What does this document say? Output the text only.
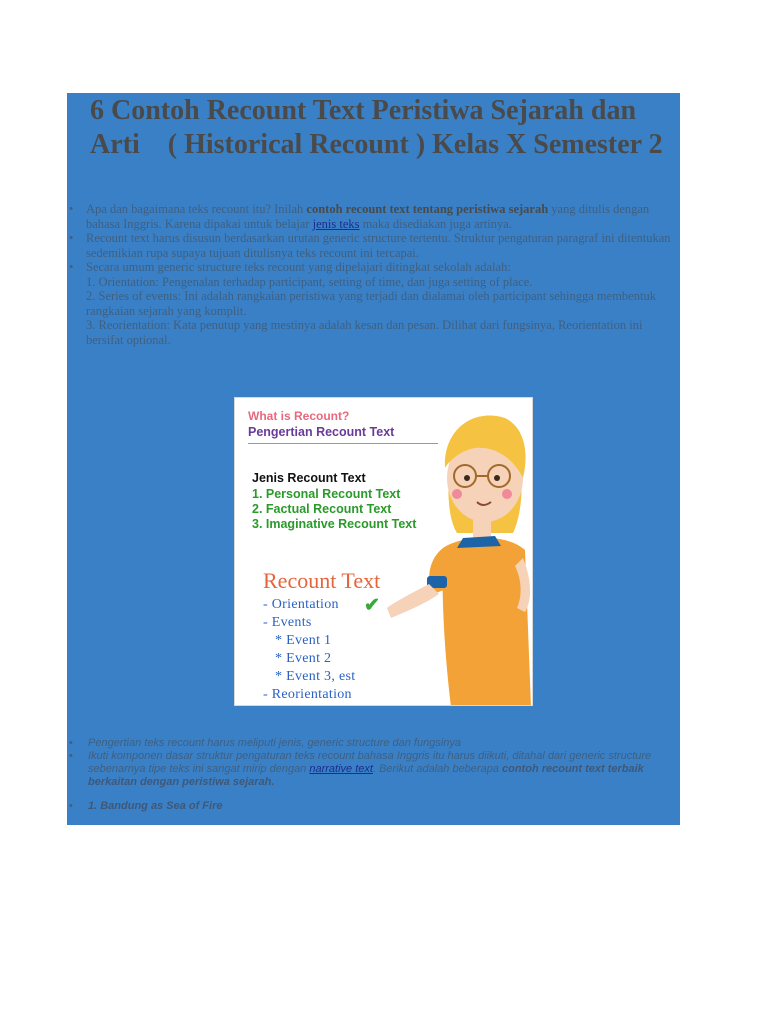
6 Contoh Recount Text Peristiwa Sejarah dan Arti    ( Historical Recount ) Kelas X Semester 2
• Apa dan bagaimana teks recount itu? Inilah contoh recount text tentang peristiwa sejarah yang ditulis dengan bahasa Inggris. Karena dipakai untuk belajar jenis teks maka disediakan juga artinya.
• Recount text harus disusun berdasarkan urutan generic structure tertentu. Struktur pengaturan paragraf ini ditentukan sedemikian rupa supaya tujuan ditulisnya teks recount ini tercapai.
• Secara umum generic structure teks recount yang dipelajari ditingkat sekolah adalah:
1. Orientation: Pengenalan terhadap participant, setting of time, dan juga setting of place.
2. Series of events: Ini adalah rangkaian peristiwa yang terjadi dan dialamai oleh participant sehingga membentuk rangkaian sejarah yang komplit.
3. Reorientation: Kata penutup yang mestinya adalah kesan dan pesan. Dilihat dari fungsinya, Reorientation ini bersifat optional.
What is Recount?
Pengertian Recount Text
Jenis Recount Text
1. Personal Recount Text
2. Factual Recount Text
3. Imaginative Recount Text
Recount Text
- Orientation ✔
- Events
* Event 1
* Event 2
* Event 3, est
- Reorientation
• Pengertian teks recount harus meliputi jenis, generic structure dan fungsinya
• Ikuti komponen dasar struktur pengaturan teks recount bahasa Inggris itu harus diikuti, ditahal dari generic structure sebenarnya tipe teks ini sangat mirip dengan narrative text. Berikut adalah beberapa contoh recount text terbaik berkaitan dengan peristiwa sejarah.
• 1. Bandung as Sea of Fire
